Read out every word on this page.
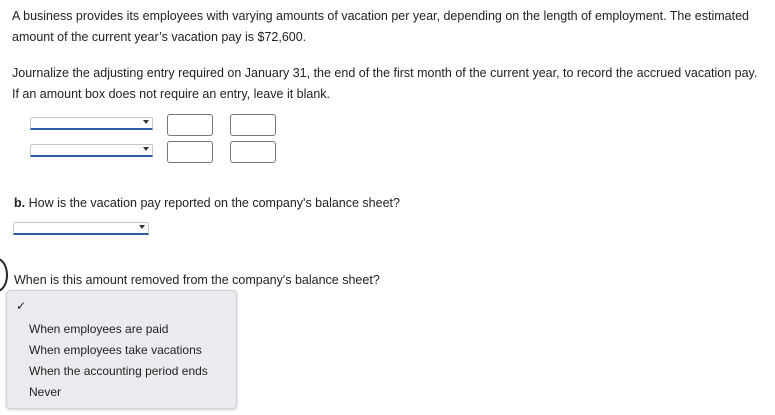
A business provides its employees with varying amounts of vacation per year, depending on the length of employment. The estimated amount of the current year’s vacation pay is $72,600.
Journalize the adjusting entry required on January 31, the end of the first month of the current year, to record the accrued vacation pay. If an amount box does not require an entry, leave it blank.
b. How is the vacation pay reported on the company's balance sheet?
When is this amount removed from the company's balance sheet?
✓
When employees are paid
When employees take vacations
When the accounting period ends
Never
